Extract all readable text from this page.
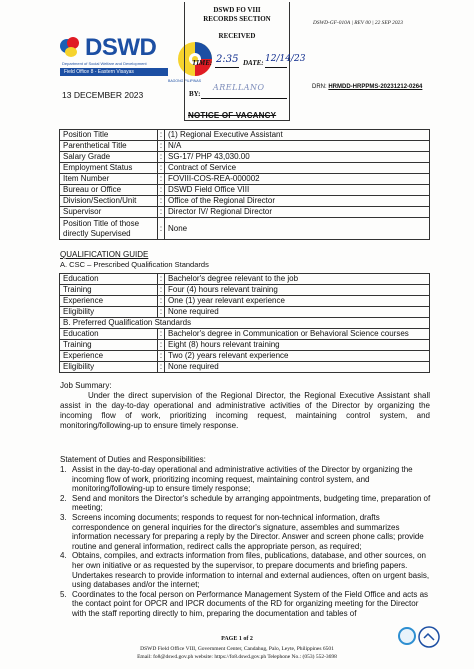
DSWD
Department of Social Welfare and Development
Field Office 8 - Eastern Visayas
BAGONG PILIPINAS
DSWD FO VIII
RECORDS SECTION
RECEIVED
TIME: 2:35 DATE: 12/14/23
BY:
ARELLANO
DSWD-GF-010A | REV 00 | 22 SEP 2023
DRN: HRMDD-HRPPMS-20231212-0264
13 DECEMBER 2023
NOTICE OF VACANCY
Position Title	:	(1) Regional Executive Assistant
Parenthetical Title	:	N/A
Salary Grade	:	SG-17/ PHP 43,030.00
Employment Status	:	Contract of Service
Item Number	:	FOVIII-COS-REA-000002
Bureau or Office	:	DSWD Field Office VIII
Division/Section/Unit	:	Office of the Regional Director
Supervisor	:	Director IV/ Regional Director
Position Title of those directly Supervised	:	None
QUALIFICATION GUIDE
A. CSC – Prescribed Qualification Standards
Education	:	Bachelor's degree relevant to the job
Training	:	Four (4) hours relevant training
Experience	:	One (1) year relevant experience
Eligibility	:	None required
B. Preferred Qualification Standards		
Education	:	Bachelor's degree in Communication or Behavioral Science courses
Training	:	Eight (8) hours relevant training
Experience	:	Two (2) years relevant experience
Eligibility	:	None required
Job Summary:
Under the direct supervision of the Regional Director, the Regional Executive Assistant shall assist in the day-to-day operational and administrative activities of the Director by organizing the incoming flow of work, prioritizing incoming request, maintaining control system, and monitoring/following-up to ensure timely response.
Statement of Duties and Responsibilities:
1. Assist in the day-to-day operational and administrative activities of the Director by organizing the incoming flow of work, prioritizing incoming request, maintaining control system, and monitoring/following-up to ensure timely response;
2. Send and monitors the Director's schedule by arranging appointments, budgeting time, preparation of meeting;
3. Screens incoming documents; responds to request for non-technical information, drafts correspondence on general inquiries for the director's signature, assembles and summarizes information necessary for preparing a reply by the Director. Answer and screen phone calls; provide routine and general information, redirect calls the appropriate person, as required;
4. Obtains, compiles, and extracts information from files, publications, database, and other sources, on her own initiative or as requested by the supervisor, to prepare documents and briefing papers. Undertakes research to provide information to internal and external audiences, often on urgent basis, using databases and/or the internet;
5. Coordinates to the focal person on Performance Management System of the Field Office and acts as the contact point for OPCR and IPCR documents of the RD for organizing meeting for the Director with the staff reporting directly to him, preparing the documentation and tables of
PAGE 1 of 2
DSWD Field Office VIII, Government Center, Candahug, Palo, Leyte, Philippines 6501
Email: fo8@dswd.gov.ph website: https://fo8.dswd.gov.ph Telephone No.: (053) 552-3698
